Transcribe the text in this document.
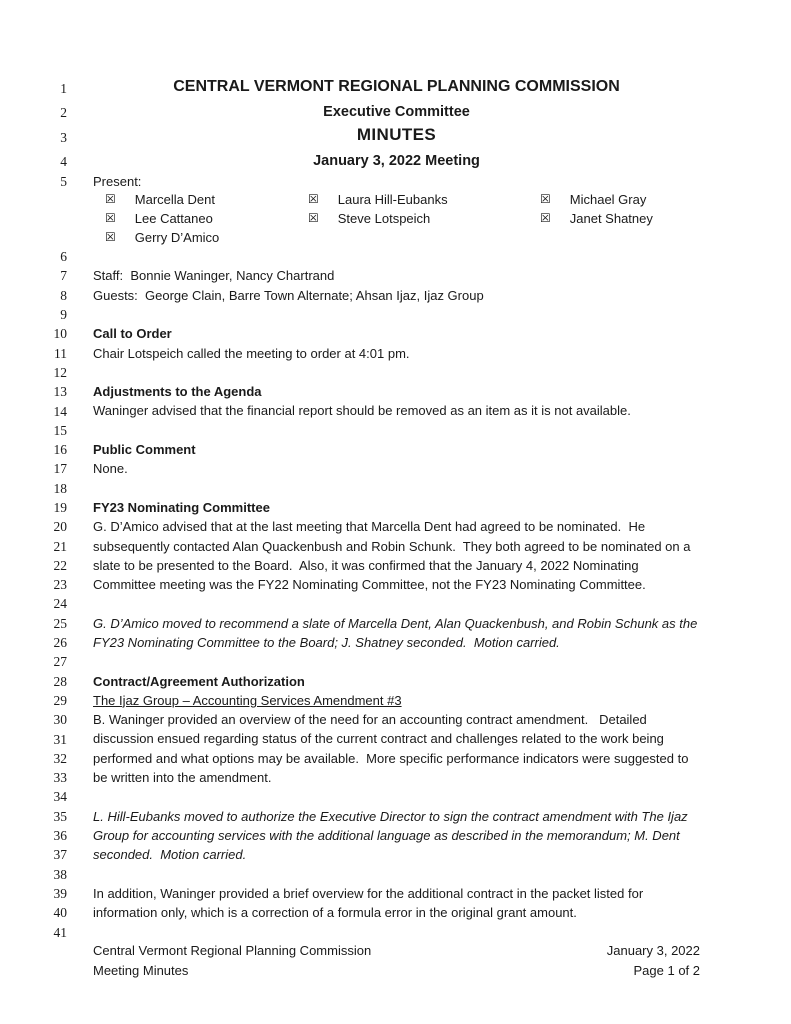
1	CENTRAL VERMONT REGIONAL PLANNING COMMISSION
2	Executive Committee
3	MINUTES
4	January 3, 2022 Meeting
5	Present:
☒ Marcella Dent	☒ Laura Hill-Eubanks	☒ Michael Gray
☒ Lee Cattaneo	☒ Steve Lotspeich	☒ Janet Shatney
☒ Gerry D’Amico
6
7	Staff:  Bonnie Waninger, Nancy Chartrand
8	Guests:  George Clain, Barre Town Alternate; Ahsan Ijaz, Ijaz Group
9
10	Call to Order
11	Chair Lotspeich called the meeting to order at 4:01 pm.
12
13	Adjustments to the Agenda
14	Waninger advised that the financial report should be removed as an item as it is not available.
15
16	Public Comment
17	None.
18
19	FY23 Nominating Committee
20	G. D’Amico advised that at the last meeting that Marcella Dent had agreed to be nominated.  He
21	subsequently contacted Alan Quackenbush and Robin Schunk.  They both agreed to be nominated on a
22	slate to be presented to the Board.  Also, it was confirmed that the January 4, 2022 Nominating
23	Committee meeting was the FY22 Nominating Committee, not the FY23 Nominating Committee.
24
25	G. D’Amico moved to recommend a slate of Marcella Dent, Alan Quackenbush, and Robin Schunk as the
26	FY23 Nominating Committee to the Board; J. Shatney seconded.  Motion carried.
27
28	Contract/Agreement Authorization
29	The Ijaz Group – Accounting Services Amendment #3
30	B. Waninger provided an overview of the need for an accounting contract amendment.   Detailed
31	discussion ensued regarding status of the current contract and challenges related to the work being
32	performed and what options may be available.  More specific performance indicators were suggested to
33	be written into the amendment.
34
35	L. Hill-Eubanks moved to authorize the Executive Director to sign the contract amendment with The Ijaz
36	Group for accounting services with the additional language as described in the memorandum; M. Dent
37	seconded.  Motion carried.
38
39	In addition, Waninger provided a brief overview for the additional contract in the packet listed for
40	information only, which is a correction of a formula error in the original grant amount.
41
Central Vermont Regional Planning Commission	January 3, 2022
Meeting Minutes	Page 1 of 2
